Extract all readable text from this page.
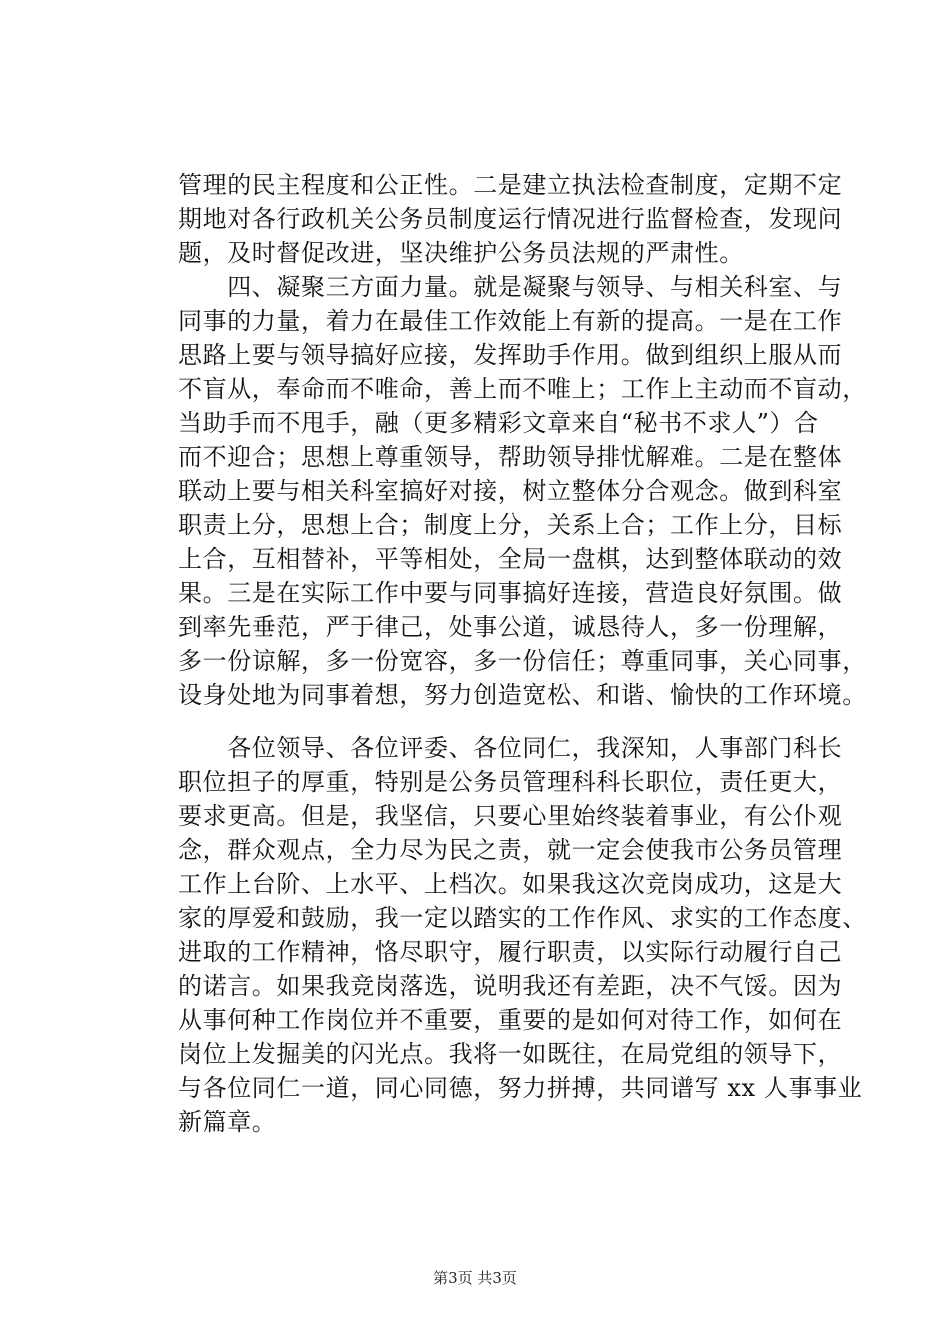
管理的民主程度和公正性。二是建立执法检查制度，定期不定
期地对各行政机关公务员制度运行情况进行监督检查，发现问
题，及时督促改进，坚决维护公务员法规的严肃性。
　　四、凝聚三方面力量。就是凝聚与领导、与相关科室、与
同事的力量，着力在最佳工作效能上有新的提高。一是在工作
思路上要与领导搞好应接，发挥助手作用。做到组织上服从而
不盲从，奉命而不唯命，善上而不唯上；工作上主动而不盲动，
当助手而不甩手，融（更多精彩文章来自“秘书不求人”）合
而不迎合；思想上尊重领导，帮助领导排忧解难。二是在整体
联动上要与相关科室搞好对接，树立整体分合观念。做到科室
职责上分，思想上合；制度上分，关系上合；工作上分，目标
上合，互相替补，平等相处，全局一盘棋，达到整体联动的效
果。三是在实际工作中要与同事搞好连接，营造良好氛围。做
到率先垂范，严于律己，处事公道，诚恳待人，多一份理解，
多一份谅解，多一份宽容，多一份信任；尊重同事，关心同事，
设身处地为同事着想，努力创造宽松、和谐、愉快的工作环境。
　　各位领导、各位评委、各位同仁，我深知，人事部门科长
职位担子的厚重，特别是公务员管理科科长职位，责任更大，
要求更高。但是，我坚信，只要心里始终装着事业，有公仆观
念，群众观点，全力尽为民之责，就一定会使我市公务员管理
工作上台阶、上水平、上档次。如果我这次竞岗成功，这是大
家的厚爱和鼓励，我一定以踏实的工作作风、求实的工作态度、
进取的工作精神，恪尽职守，履行职责，以实际行动履行自己
的诺言。如果我竞岗落选，说明我还有差距，决不气馁。因为
从事何种工作岗位并不重要，重要的是如何对待工作，如何在
岗位上发掘美的闪光点。我将一如既往，在局党组的领导下，
与各位同仁一道，同心同德，努力拼搏，共同谱写 xx 人事事业
新篇章。
第3页 共3页
